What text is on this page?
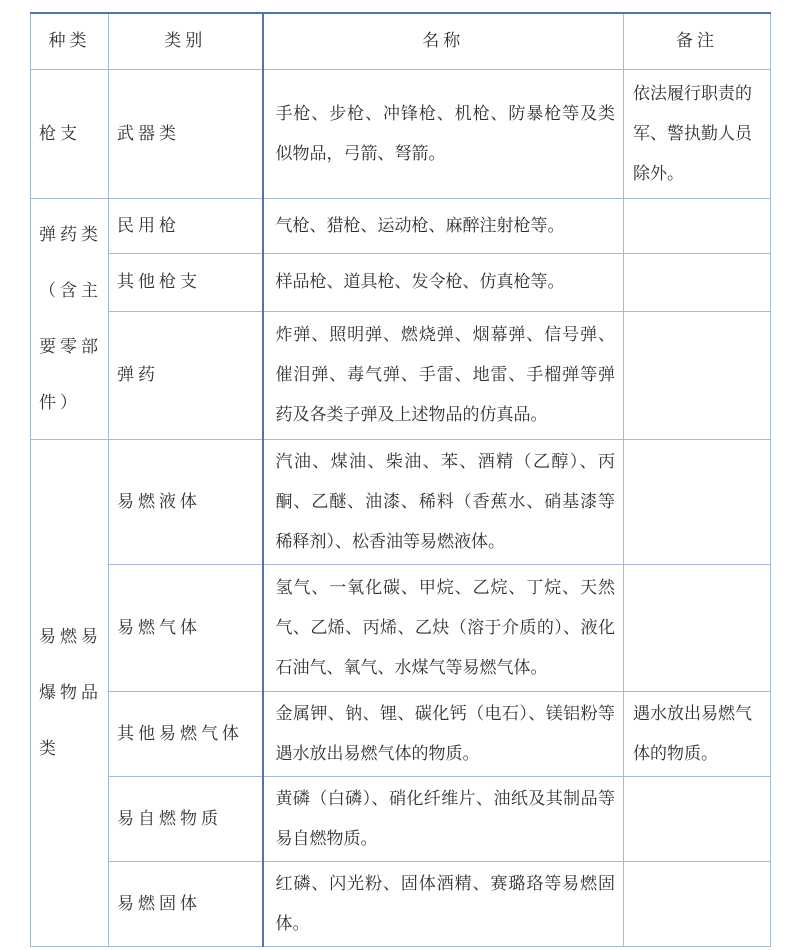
种类	类别	名称	备注
枪支	武器类	手枪、步枪、冲锋枪、机枪、防暴枪等及类似物品，弓箭、弩箭。	依法履行职责的军、警执勤人员除外。
弹药类（含主要零部件）	民用枪	气枪、猎枪、运动枪、麻醉注射枪等。	
	其他枪支	样品枪、道具枪、发令枪、仿真枪等。	
	弹药	炸弹、照明弹、燃烧弹、烟幕弹、信号弹、催泪弹、毒气弹、手雷、地雷、手榴弹等弹药及各类子弹及上述物品的仿真品。	
易燃易爆物品类	易燃液体	汽油、煤油、柴油、苯、酒精（乙醇）、丙酮、乙醚、油漆、稀料（香蕉水、硝基漆等稀释剂）、松香油等易燃液体。	
	易燃气体	氢气、一氧化碳、甲烷、乙烷、丁烷、天然气、乙烯、丙烯、乙炔（溶于介质的）、液化石油气、氧气、水煤气等易燃气体。	
	其他易燃气体	金属钾、钠、锂、碳化钙（电石）、镁铝粉等遇水放出易燃气体的物质。	遇水放出易燃气体的物质。
	易自燃物质	黄磷（白磷）、硝化纤维片、油纸及其制品等易自燃物质。	
	易燃固体	红磷、闪光粉、固体酒精、赛璐珞等易燃固体。	
